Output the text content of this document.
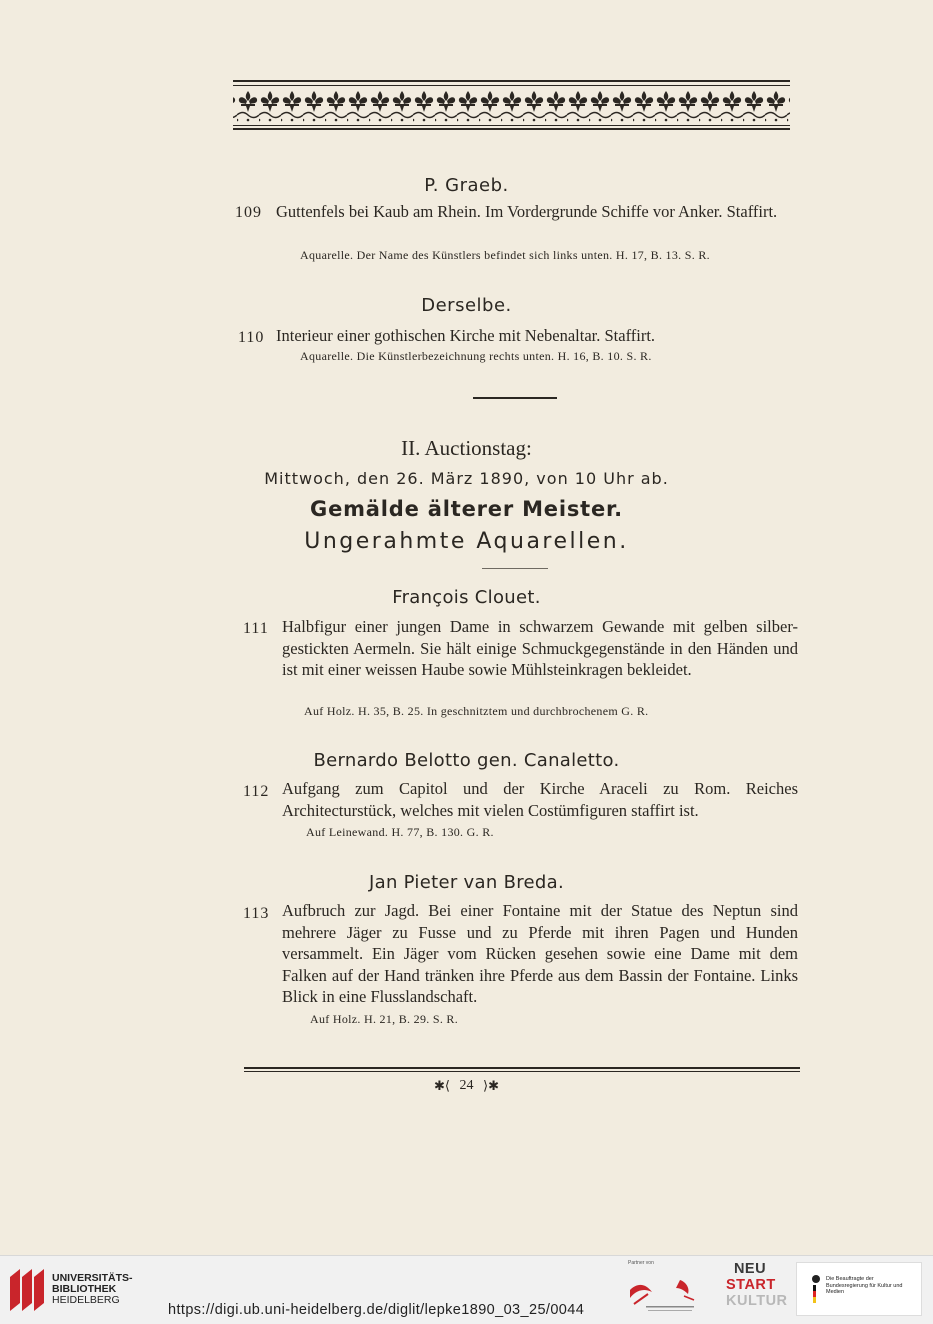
P. Graeb.
109 Guttenfels bei Kaub am Rhein. Im Vordergrunde Schiffe vor Anker. Staffirt.
Aquarelle. Der Name des Künstlers befindet sich links unten. H. 17, B. 13. S. R.
Derselbe.
110 Interieur einer gothischen Kirche mit Nebenaltar. Staffirt.
Aquarelle. Die Künstlerbezeichnung rechts unten. H. 16, B. 10. S. R.
II. Auctionstag:
Mittwoch, den 26. März 1890, von 10 Uhr ab.
Gemälde älterer Meister.
Ungerahmte Aquarellen.
François Clouet.
111 Halbfigur einer jungen Dame in schwarzem Gewande mit gelben silber-gestickten Aermeln. Sie hält einige Schmuckgegenstände in den Händen und ist mit einer weissen Haube sowie Mühlsteinkragen bekleidet.
Auf Holz. H. 35, B. 25. In geschnitztem und durchbrochenem G. R.
Bernardo Belotto gen. Canaletto.
112 Aufgang zum Capitol und der Kirche Araceli zu Rom. Reiches Architecturstück, welches mit vielen Costümfiguren staffirt ist.
Auf Leinewand. H. 77, B. 130. G. R.
Jan Pieter van Breda.
113 Aufbruch zur Jagd. Bei einer Fontaine mit der Statue des Neptun sind mehrere Jäger zu Fusse und zu Pferde mit ihren Pagen und Hunden versammelt. Ein Jäger vom Rücken gesehen sowie eine Dame mit dem Falken auf der Hand tränken ihre Pferde aus dem Bassin der Fontaine. Links Blick in eine Flusslandschaft.
Auf Holz. H. 21, B. 29. S. R.
✱⟨ 24 ⟩✱
UNIVERSITÄTS-
BIBLIOTHEK
HEIDELBERG
https://digi.ub.uni-heidelberg.de/diglit/lepke1890_03_25/0044
Partner von	NEU
START
KULTUR
Die Beauftragte der Bundesregierung für Kultur und Medien
